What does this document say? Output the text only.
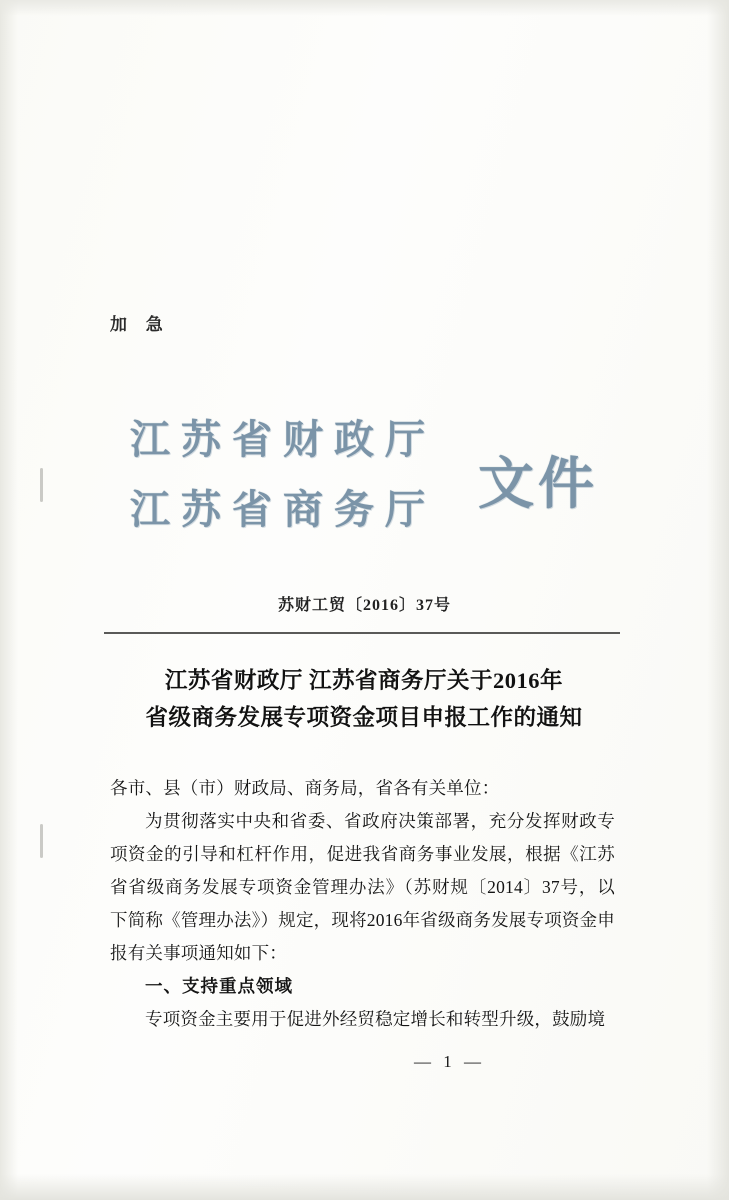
加 急
江苏省财政厅
江苏省商务厅 文件
苏财工贸〔2016〕37号
江苏省财政厅 江苏省商务厅关于2016年
省级商务发展专项资金项目申报工作的通知

各市、县（市）财政局、商务局，省各有关单位：

为贯彻落实中央和省委、省政府决策部署，充分发挥财政专项资金的引导和杠杆作用，促进我省商务事业发展，根据《江苏省省级商务发展专项资金管理办法》（苏财规〔2014〕37号，以下简称《管理办法》）规定，现将2016年省级商务发展专项资金申报有关事项通知如下：

一、支持重点领域

专项资金主要用于促进外经贸稳定增长和转型升级，鼓励境

— 1 —
